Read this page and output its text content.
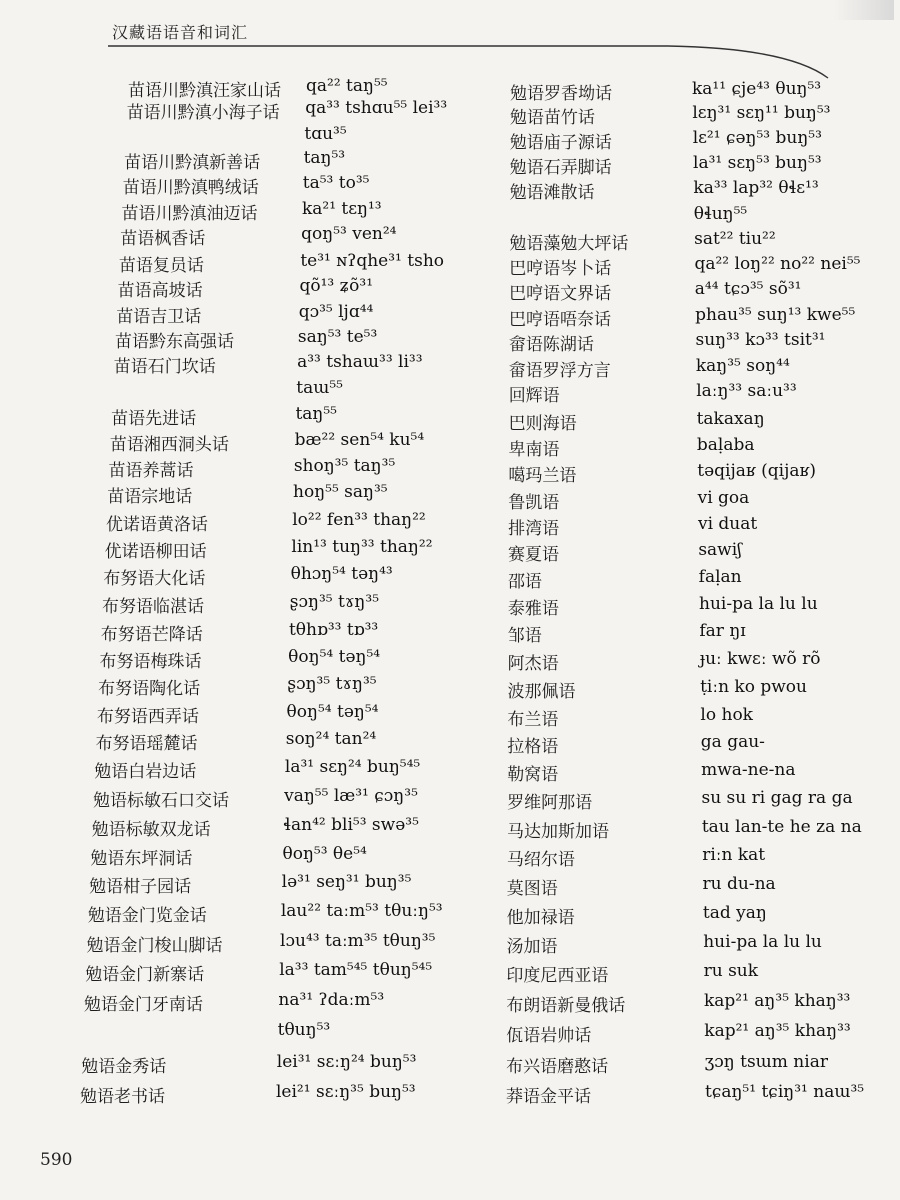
汉藏语语音和词汇
苗语川黔滇汪家山话 qa²² taŋ⁵⁵
苗语川黔滇小海子话 qa³³ tshɑu⁵⁵ lei³³
tɑu³⁵
苗语川黔滇新善话	taŋ⁵³
苗语川黔滇鸭绒话	ta⁵³ to³⁵
苗语川黔滇油迈话	ka²¹ tɛŋ¹³
苗语枫香话	qoŋ⁵³ ven²⁴
苗语复员话	te³¹ ɴʔqhe³¹ tsho
苗语高坡话	qõ¹³ ʑõ³¹
苗语吉卫话	qɔ³⁵ ljɑ⁴⁴
苗语黔东高强话	saŋ⁵³ te⁵³
苗语石门坎话	a³³ tshaɯ³³ li³³
taɯ⁵⁵
苗语先进话	taŋ⁵⁵
苗语湘西洞头话	bæ²² sen⁵⁴ ku⁵⁴
苗语养蒿话	shoŋ³⁵ taŋ³⁵
苗语宗地话	hoŋ⁵⁵ saŋ³⁵
优诺语黄洛话	lo²² fen³³ thaŋ²²
优诺语柳田话	lin¹³ tuŋ³³ thaŋ²²
布努语大化话	θhɔŋ⁵⁴ təŋ⁴³
布努语临湛话	ʂɔŋ³⁵ tɤŋ³⁵
布努语芒降话	tθhɒ³³ tɒ³³
布努语梅珠话	θoŋ⁵⁴ təŋ⁵⁴
布努语陶化话	ʂɔŋ³⁵ tɤŋ³⁵
布努语西弄话	θoŋ⁵⁴ təŋ⁵⁴
布努语瑶麓话	soŋ²⁴ tan²⁴
勉语白岩边话	la³¹ sɛŋ²⁴ buŋ⁵⁴⁵
勉语标敏石口交话	vaŋ⁵⁵ læ³¹ ɕɔŋ³⁵
勉语标敏双龙话	ɬan⁴² bli⁵³ swə³⁵
勉语东坪洞话	θoŋ⁵³ θe⁵⁴
勉语柑子园话	lə³¹ seŋ³¹ buŋ³⁵
勉语金门览金话	lau²² taːm⁵³ tθuːŋ⁵³
勉语金门梭山脚话	lɔu⁴³ taːm³⁵ tθuŋ³⁵
勉语金门新寨话	la³³ tam⁵⁴⁵ tθuŋ⁵⁴⁵
勉语金门牙南话	na³¹ ʔdaːm⁵³
tθuŋ⁵³
勉语金秀话	lei³¹ sɛːŋ²⁴ buŋ⁵³
勉语老书话	lei²¹ sɛːŋ³⁵ buŋ⁵³
勉语罗香坳话	ka¹¹ ɕje⁴³ θuŋ⁵³
勉语苗竹话	lɛŋ³¹ sɛŋ¹¹ buŋ⁵³
勉语庙子源话	lɛ²¹ ɕəŋ⁵³ buŋ⁵³
勉语石弄脚话	la³¹ sɛŋ⁵³ buŋ⁵³
勉语滩散话	ka³³ lap³² θɬɛ¹³
θɬuŋ⁵⁵
勉语藻勉大坪话	sat²² tiu²²
巴哼语岑卜话	qa²² loŋ²² no²² nei⁵⁵
巴哼语文界话	a⁴⁴ tɕɔ³⁵ sõ³¹
巴哼语唔奈话	phau³⁵ suŋ¹³ kwe⁵⁵
畲语陈湖话	suŋ³³ kɔ³³ tsit³¹
畲语罗浮方言	kaŋ³⁵ soŋ⁴⁴
回辉语	laːŋ³³ saːu³³
巴则海语	takaxaŋ
卑南语	baḷaba
噶玛兰语	təqijaʁ (qijaʁ)
鲁凯语	vi goa
排湾语	vi duat
赛夏语	sawiʃ
邵语	faḷan
泰雅语	hui-pa la lu lu
邹语	far ŋɪ
阿杰语	ɟuː kwɛː wõ rõ
波那佩语	ṭiːn ko pwou
布兰语	lo hok
拉格语	ga gau-
勒窝语	mwa-ne-na
罗维阿那语	su su ri gag ra ga
马达加斯加语	tau lan-te he za na
马绍尔语	riːn kat
莫图语	ru du-na
他加禄语	tad yaŋ
汤加语	hui-pa la lu lu
印度尼西亚语	ru suk
布朗语新曼俄话	kap²¹ aŋ³⁵ khaŋ³³
佤语岩帅话	kap²¹ aŋ³⁵ khaŋ³³
布兴语磨憨话	ʒɔŋ tsɯm niar
莽语金平话	tɕaŋ⁵¹ tɕiŋ³¹ naɯ³⁵
590
